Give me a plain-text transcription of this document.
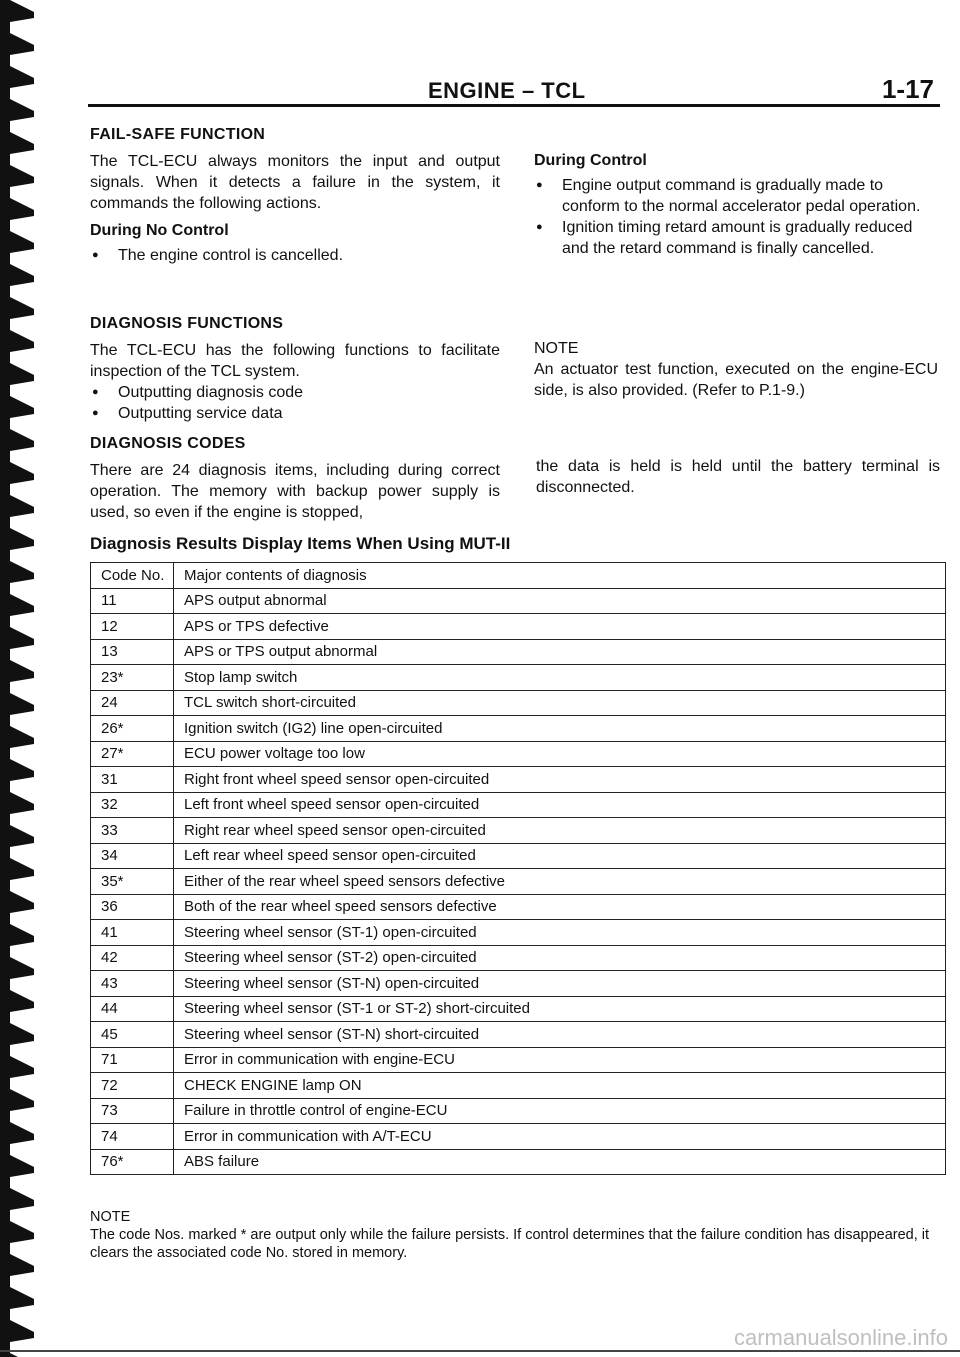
ENGINE – TCL	1-17
FAIL-SAFE FUNCTION

The TCL-ECU always monitors the input and output signals. When it detects a failure in the system, it commands the following actions.

During No Control

● The engine control is cancelled.

During Control

● Engine output command is gradually made to conform to the normal accelerator pedal operation.

● Ignition timing retard amount is gradually reduced and the retard command is finally cancelled.

DIAGNOSIS FUNCTIONS

The TCL-ECU has the following functions to facilitate inspection of the TCL system.

● Outputting diagnosis code

● Outputting service data

NOTE

An actuator test function, executed on the engine-ECU side, is also provided. (Refer to P.1-9.)

DIAGNOSIS CODES

There are 24 diagnosis items, including during correct operation. The memory with backup power supply is used, so even if the engine is stopped,

the data is held is held until the battery terminal is disconnected.

Diagnosis Results Display Items When Using MUT-II
Code No.	Major contents of diagnosis
11	APS output abnormal
12	APS or TPS defective
13	APS or TPS output abnormal
23*	Stop lamp switch
24	TCL switch short-circuited
26*	Ignition switch (IG2) line open-circuited
27*	ECU power voltage too low
31	Right front wheel speed sensor open-circuited
32	Left front wheel speed sensor open-circuited
33	Right rear wheel speed sensor open-circuited
34	Left rear wheel speed sensor open-circuited
35*	Either of the rear wheel speed sensors defective
36	Both of the rear wheel speed sensors defective
41	Steering wheel sensor (ST-1) open-circuited
42	Steering wheel sensor (ST-2) open-circuited
43	Steering wheel sensor (ST-N) open-circuited
44	Steering wheel sensor (ST-1 or ST-2) short-circuited
45	Steering wheel sensor (ST-N) short-circuited
71	Error in communication with engine-ECU
72	CHECK ENGINE lamp ON
73	Failure in throttle control of engine-ECU
74	Error in communication with A/T-ECU
76*	ABS failure
NOTE
The code Nos. marked * are output only while the failure persists. If control determines that the failure condition has disappeared, it clears the associated code No. stored in memory.
carmanualsonline.info
